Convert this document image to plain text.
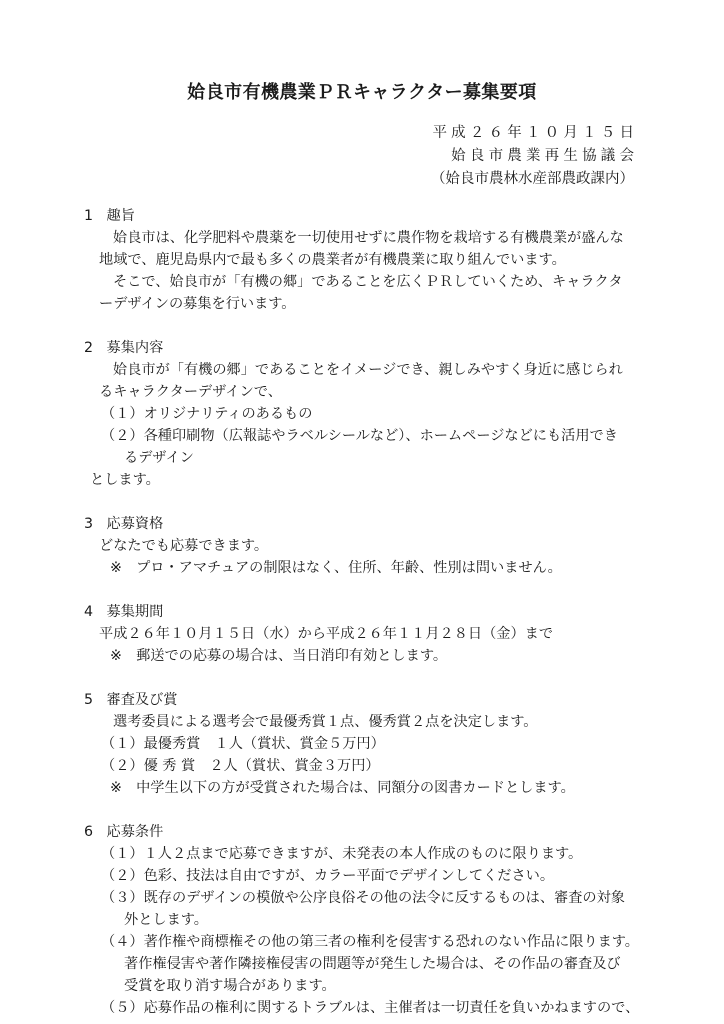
姶良市有機農業ＰＲキャラクター募集要項
平成２６年１０月１５日
姶良市農業再生協議会
（姶良市農林水産部農政課内）
1   趣旨
姶良市は、化学肥料や農薬を一切使用せずに農作物を栽培する有機農業が盛んな
地域で、鹿児島県内で最も多くの農業者が有機農業に取り組んでいます。
そこで、姶良市が「有機の郷」であることを広くＰＲしていくため、キャラクタ
ーデザインの募集を行います。
2   募集内容
姶良市が「有機の郷」であることをイメージでき、親しみやすく身近に感じられ
るキャラクターデザインで、
（１）オリジナリティのあるもの
（２）各種印刷物（広報誌やラベルシールなど）、ホームページなどにも活用でき
るデザイン
とします。
3   応募資格
どなたでも応募できます。
※　プロ・アマチュアの制限はなく、住所、年齢、性別は問いません。
4   募集期間
平成２６年１０月１５日（水）から平成２６年１１月２８日（金）まで
※　郵送での応募の場合は、当日消印有効とします。
5   審査及び賞
選考委員による選考会で最優秀賞１点、優秀賞２点を決定します。
（１）最優秀賞　１人（賞状、賞金５万円）
（２）優 秀 賞　２人（賞状、賞金３万円）
※　中学生以下の方が受賞された場合は、同額分の図書カードとします。
6   応募条件
（１）１人２点まで応募できますが、未発表の本人作成のものに限ります。
（２）色彩、技法は自由ですが、カラー平面でデザインしてください。
（３）既存のデザインの模倣や公序良俗その他の法令に反するものは、審査の対象
外とします。
（４）著作権や商標権その他の第三者の権利を侵害する恐れのない作品に限ります。
著作権侵害や著作隣接権侵害の問題等が発生した場合は、その作品の審査及び
受賞を取り消す場合があります。
（５）応募作品の権利に関するトラブルは、主催者は一切責任を負いかねますので、
